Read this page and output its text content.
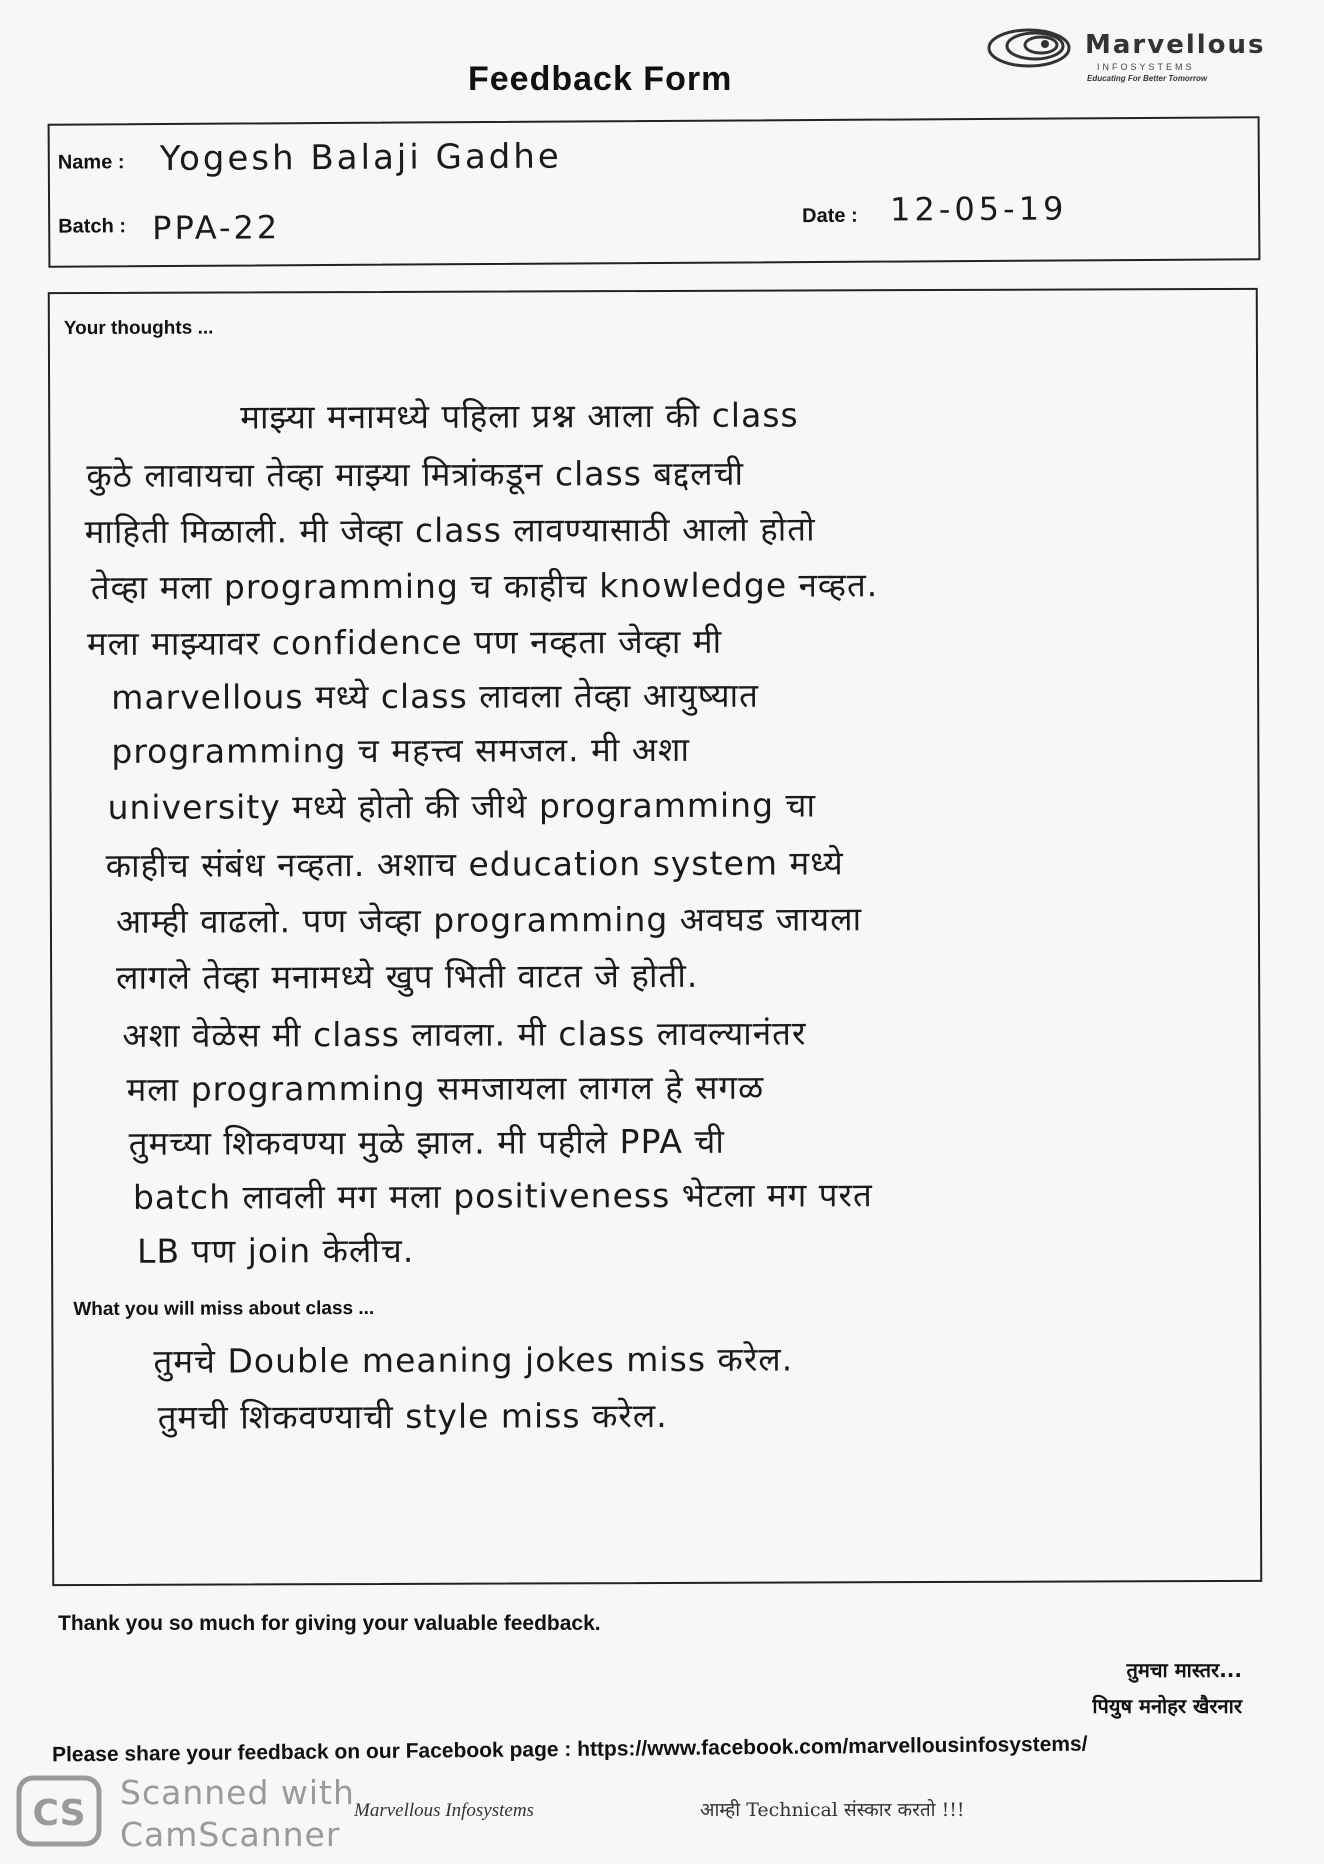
Marvellous
INFOSYSTEMS
Educating For Better Tomorrow
Feedback Form
Name : Yogesh Balaji Gadhe
Batch : PPA-22	Date : 12-05-19
Your thoughts ...
माझ्या मनामध्ये पहिला प्रश्न आला की class
कुठे लावायचा तेव्हा माझ्या मित्रांकडून class बद्दलची
माहिती मिळाली. मी जेव्हा class लावण्यासाठी आलो होतो
तेव्हा मला programming च काहीच knowledge नव्हत.
मला माझ्यावर confidence पण नव्हता जेव्हा मी
marvellous मध्ये class लावला तेव्हा आयुष्यात
programming च महत्त्व समजल. मी अशा
university मध्ये होतो की जीथे programming चा
काहीच संबंध नव्हता. अशाच education system मध्ये
आम्ही वाढलो. पण जेव्हा programming अवघड जायला
लागले तेव्हा मनामध्ये खुप भिती वाटत जे होती.
अशा वेळेस मी class लावला. मी class लावल्यानंतर
मला programming समजायला लागल हे सगळ
तुमच्या शिकवण्या मुळे झाल. मी पहीले PPA ची
batch लावली मग मला positiveness भेटला मग परत
LB पण join केलीच.
What you will miss about class ...
तुमचे Double meaning jokes miss करेल.
तुमची शिकवण्याची style miss करेल.
Thank you so much for giving your valuable feedback.
तुमचा मास्तर...
पियुष मनोहर खैरनार
Please share your feedback on our Facebook page : https://www.facebook.com/marvellousinfosystems/
CS
Scanned with
CamScanner
Marvellous Infosystems	आम्ही Technical संस्कार करतो !!!
